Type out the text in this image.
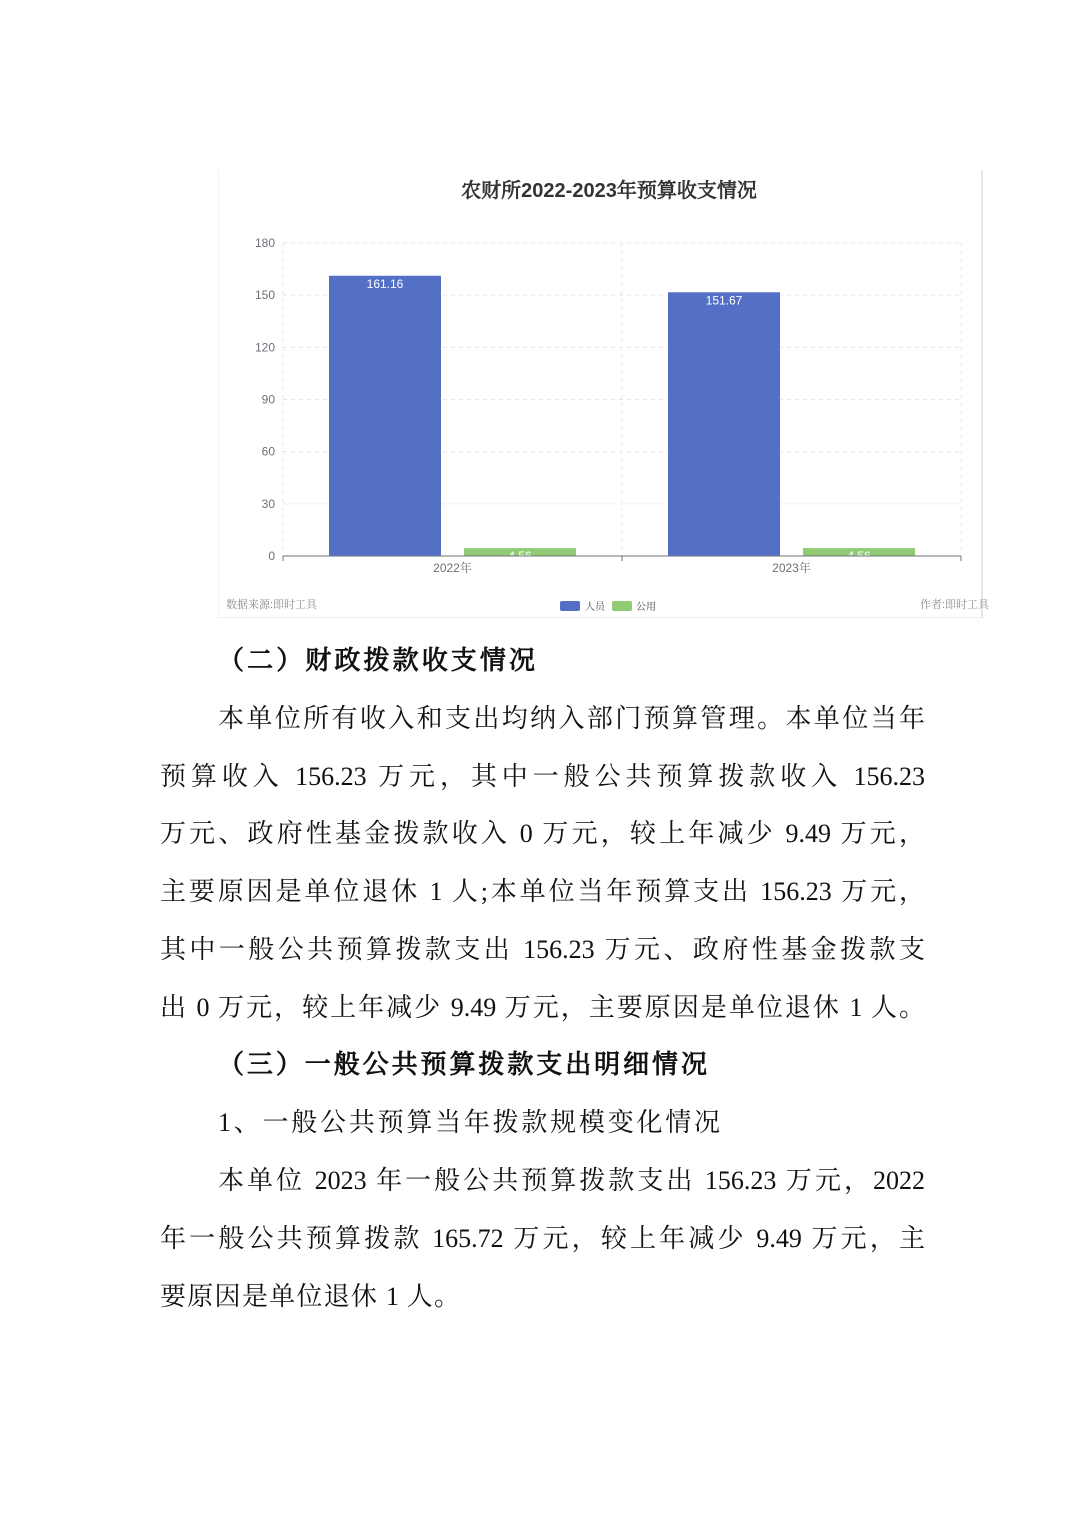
农财所2022-2023年预算收支情况
161.16
4.56
151.67
4.56
0
30
60
90
120
150
180
2022年	2023年
数据来源:即时工具	人员	公用	作者:即时工具
（二）财政拨款收支情况
本单位所有收入和支出均纳入部门预算管理。本单位当年
预算收入 156.23 万元，其中一般公共预算拨款收入 156.23
万元、政府性基金拨款收入 0 万元，较上年减少 9.49 万元，
主要原因是单位退休 1 人;本单位当年预算支出 156.23 万元，
其中一般公共预算拨款支出 156.23 万元、政府性基金拨款支
出 0 万元，较上年减少 9.49 万元，主要原因是单位退休 1 人。
（三）一般公共预算拨款支出明细情况
1、一般公共预算当年拨款规模变化情况
本单位 2023 年一般公共预算拨款支出 156.23 万元，2022
年一般公共预算拨款 165.72 万元，较上年减少 9.49 万元，主
要原因是单位退休 1 人。
